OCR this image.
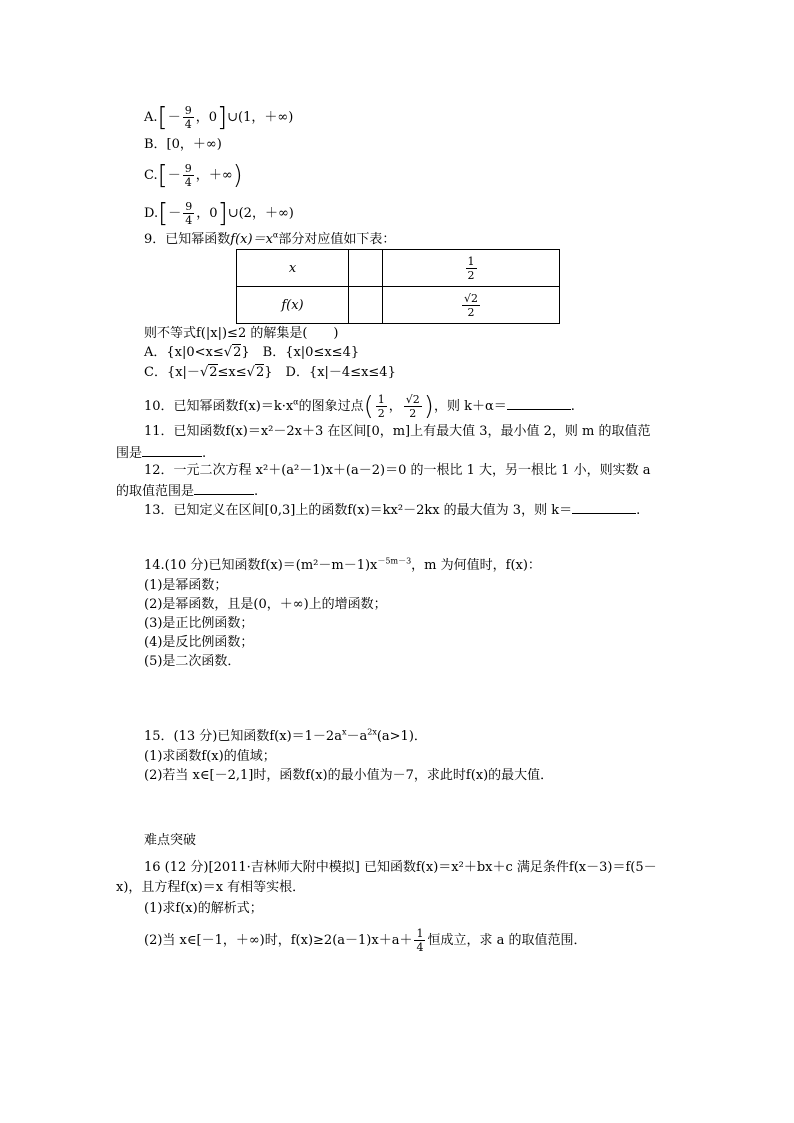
$A.[- \frac{9}{4}$ ，0]∪(1，＋∞)
B．[0，＋∞)
$C.[- \frac{9}{4}$ ，＋∞)
$D.[- \frac{9}{4}$ ，0]∪(2，＋∞)
9．已知幂函数$f(x)=x^\alpha$部分对应值如下表：
x		$\frac{1}{2}$

f(x)		$\frac{√2}{2}$
则不等式f(|x|)≤2 的解集是(　　)
A．{x|0<x≤√2}　 B．{x|0≤x≤4}
C．{x|－√2≤x≤√2}　 D．{x|－4≤x≤4}
10．已知幂函数$f(x)=k\cdot x^\alpha$的图象过点( $\frac{1}{2}$ ， $\frac{√2}{2}$ )，则 k＋α＝	.
11．已知函数f(x)＝x²－2x＋3 在区间[0，m]上有最大值 3，最小值 2，则 m 的取值范
围是	.
12．一元二次方程 x²＋(a²－1)x＋(a－2)＝0 的一根比 1 大，另一根比 1 小，则实数 a
的取值范围是	.
13．已知定义在区间[0,3]上的函数f(x)＝kx²－2kx 的最大值为 3，则 k＝	.
14.(10 分)已知函数$f(x)=(m^2-m-1)x^{-5m-3}$，m 为何值时，f(x)：
(1)是幂函数；
(2)是幂函数，且是(0，＋∞)上的增函数；
(3)是正比例函数；
(4)是反比例函数；
(5)是二次函数．
15．(13 分)已知函数$f(x)=1-2a^x-a^{2x}(a>1)$．
(1)求函数f(x)的值域；
(2)若当 x∈[－2,1]时，函数f(x)的最小值为－7，求此时f(x)的最大值．
难点突破
16 (12 分)[2011·吉林师大附中模拟] 已知函数f(x)＝x²＋bx＋c 满足条件f(x－3)＝f(5－
x)，且方程f(x)＝x 有相等实根．
(1)求f(x)的解析式；
(2)当 x∈[－1，＋∞)时，$f(x)\ge 2(a-1)x+a+ \frac{1}{4}$ 恒成立，求 a 的取值范围．
